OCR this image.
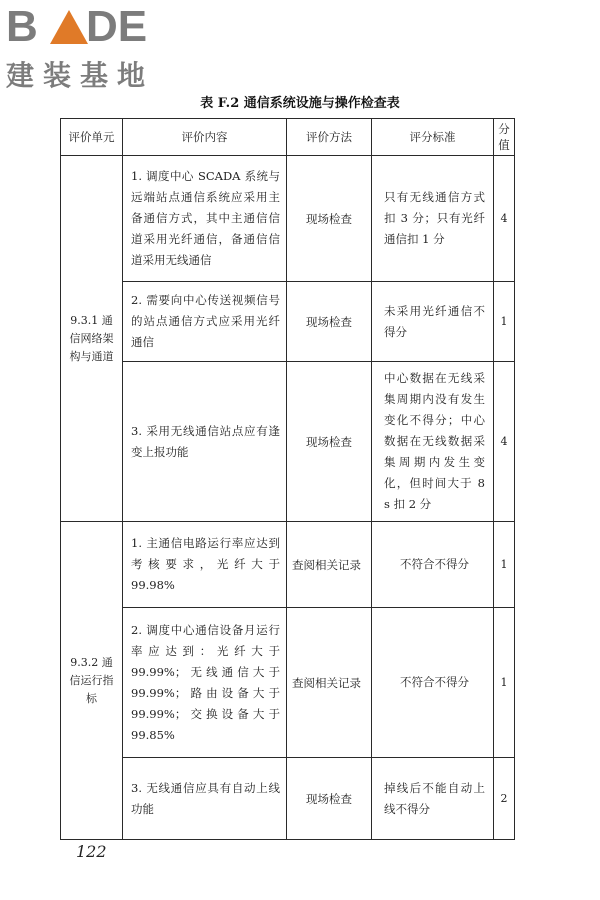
B DE
建装基地
表 F.2 通信系统设施与操作检查表
评价单元	评价内容	评价方法	评分标准	分值
9.3.1 通信网络架构与通道	1. 调度中心 SCADA 系统与远端站点通信系统应采用主备通信方式，其中主通信信道采用光纤通信，备通信信道采用无线通信	现场检查	只有无线通信方式扣 3 分；只有光纤通信扣 1 分	4
	2. 需要向中心传送视频信号的站点通信方式应采用光纤通信	现场检查	未采用光纤通信不得分	1
	3. 采用无线通信站点应有逢变上报功能	现场检查	中心数据在无线采集周期内没有发生变化不得分；中心数据在无线数据采集周期内发生变化，但时间大于 8 s 扣 2 分	4
9.3.2 通信运行指标	1. 主通信电路运行率应达到考核要求，光纤大于 99.98%	查阅相关记录	不符合不得分	1
	2. 调度中心通信设备月运行率应达到：光纤大于 99.99%；无线通信大于 99.99%；路由设备大于 99.99%；交换设备大于 99.85%	查阅相关记录	不符合不得分	1
	3. 无线通信应具有自动上线功能	现场检查	掉线后不能自动上线不得分	2
122
